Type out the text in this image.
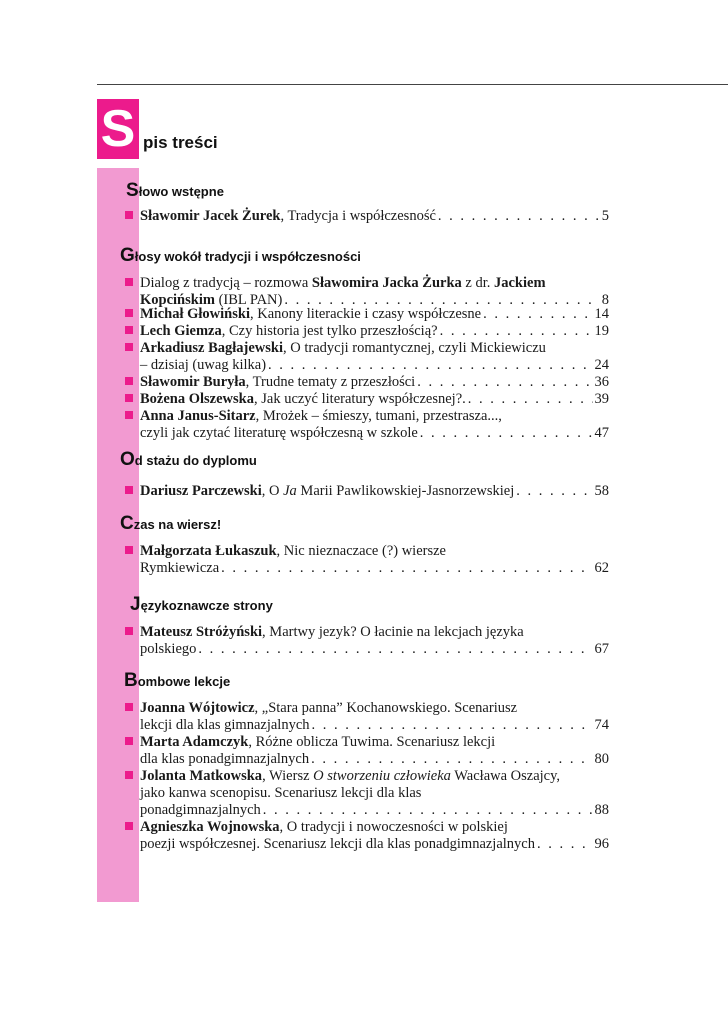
S pis treści
Słowo wstępne
Sławomir Jacek Żurek, Tradycja i współczesność . . .	5
Głosy wokół tradycji i współczesności
Dialog z tradycją – rozmowa Sławomira Jacka Żurka z dr. Jackiem
Kopcińskim (IBL PAN) . . .	8
Michał Głowiński, Kanony literackie i czasy współczesne . . .	14
Lech Giemza, Czy historia jest tylko przeszłością? . . .	19
Arkadiusz Bagłajewski, O tradycji romantycznej, czyli Mickiewiczu
– dzisiaj (uwag kilka) . . .	24
Sławomir Buryła, Trudne tematy z przeszłości . . .	36
Bożena Olszewska, Jak uczyć literatury współczesnej?. . . .	39
Anna Janus-Sitarz, Mrożek – śmieszy, tumani, przestrasza...,
czyli jak czytać literaturę współczesną w szkole . . .	47
Od stażu do dyplomu
Dariusz Parczewski, O Ja Marii Pawlikowskiej-Jasnorzewskiej . . .	58
Czas na wiersz!
Małgorzata Łukaszuk, Nic nieznaczace (?) wiersze
Rymkiewicza . . .	62
Językoznawcze strony
Mateusz Stróżyński, Martwy jezyk? O łacinie na lekcjach języka
polskiego . . .	67
Bombowe lekcje
Joanna Wójtowicz, „Stara panna” Kochanowskiego. Scenariusz
lekcji dla klas gimnazjalnych . . .	74
Marta Adamczyk, Różne oblicza Tuwima. Scenariusz lekcji
dla klas ponadgimnazjalnych . . .	80
Jolanta Matkowska, Wiersz O stworzeniu człowieka Wacława Oszajcy,
jako kanwa scenopisu. Scenariusz lekcji dla klas
ponadgimnazjalnych . . .	88
Agnieszka Wojnowska, O tradycji i nowoczesności w polskiej
poezji współczesnej. Scenariusz lekcji dla klas ponadgimnazjalnych . . .	96
